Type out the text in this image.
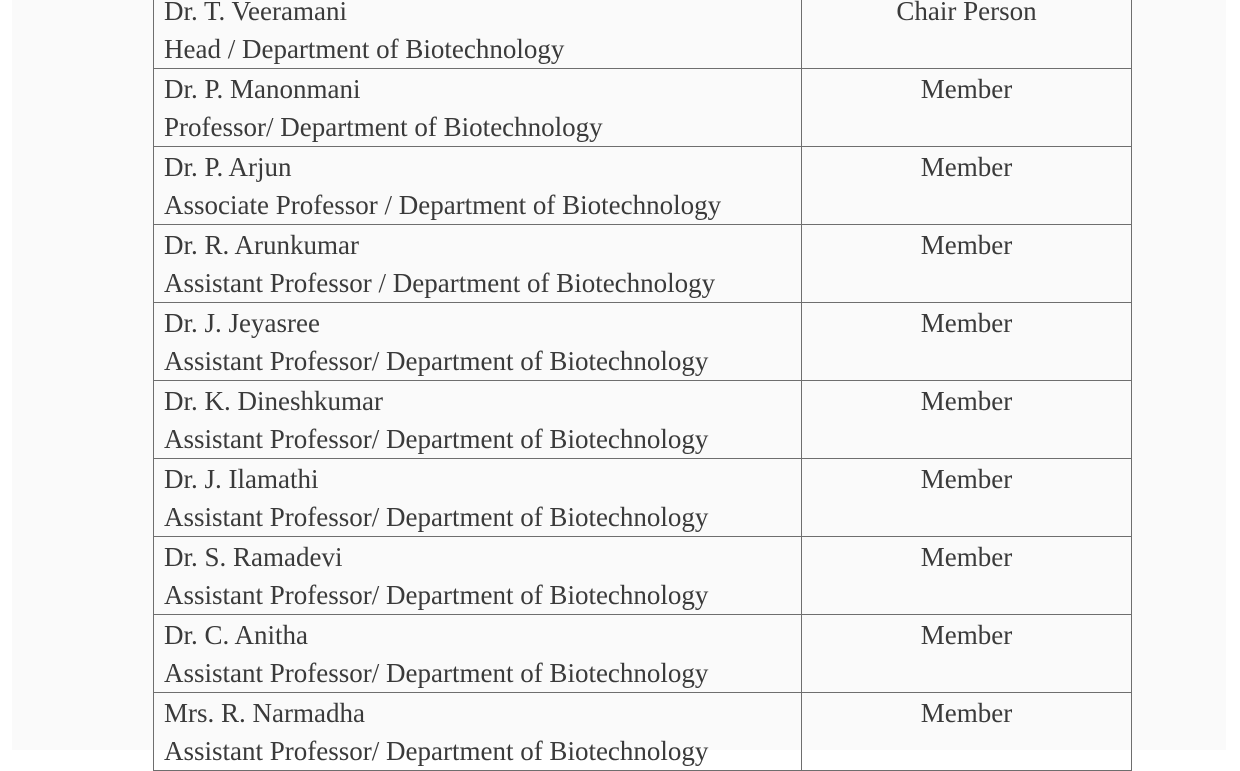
Dr. T. Veeramani
Head / Department of Biotechnology	Chair Person

Dr. P. Manonmani
Professor/ Department of Biotechnology	Member

Dr. P. Arjun
Associate Professor / Department of Biotechnology	Member

Dr. R. Arunkumar
Assistant Professor / Department of Biotechnology	Member

Dr. J. Jeyasree
Assistant Professor/ Department of Biotechnology	Member

Dr. K. Dineshkumar
Assistant Professor/ Department of Biotechnology	Member

Dr. J. Ilamathi
Assistant Professor/ Department of Biotechnology	Member

Dr. S. Ramadevi
Assistant Professor/ Department of Biotechnology	Member

Dr. C. Anitha
Assistant Professor/ Department of Biotechnology	Member

Mrs. R. Narmadha
Assistant Professor/ Department of Biotechnology	Member
